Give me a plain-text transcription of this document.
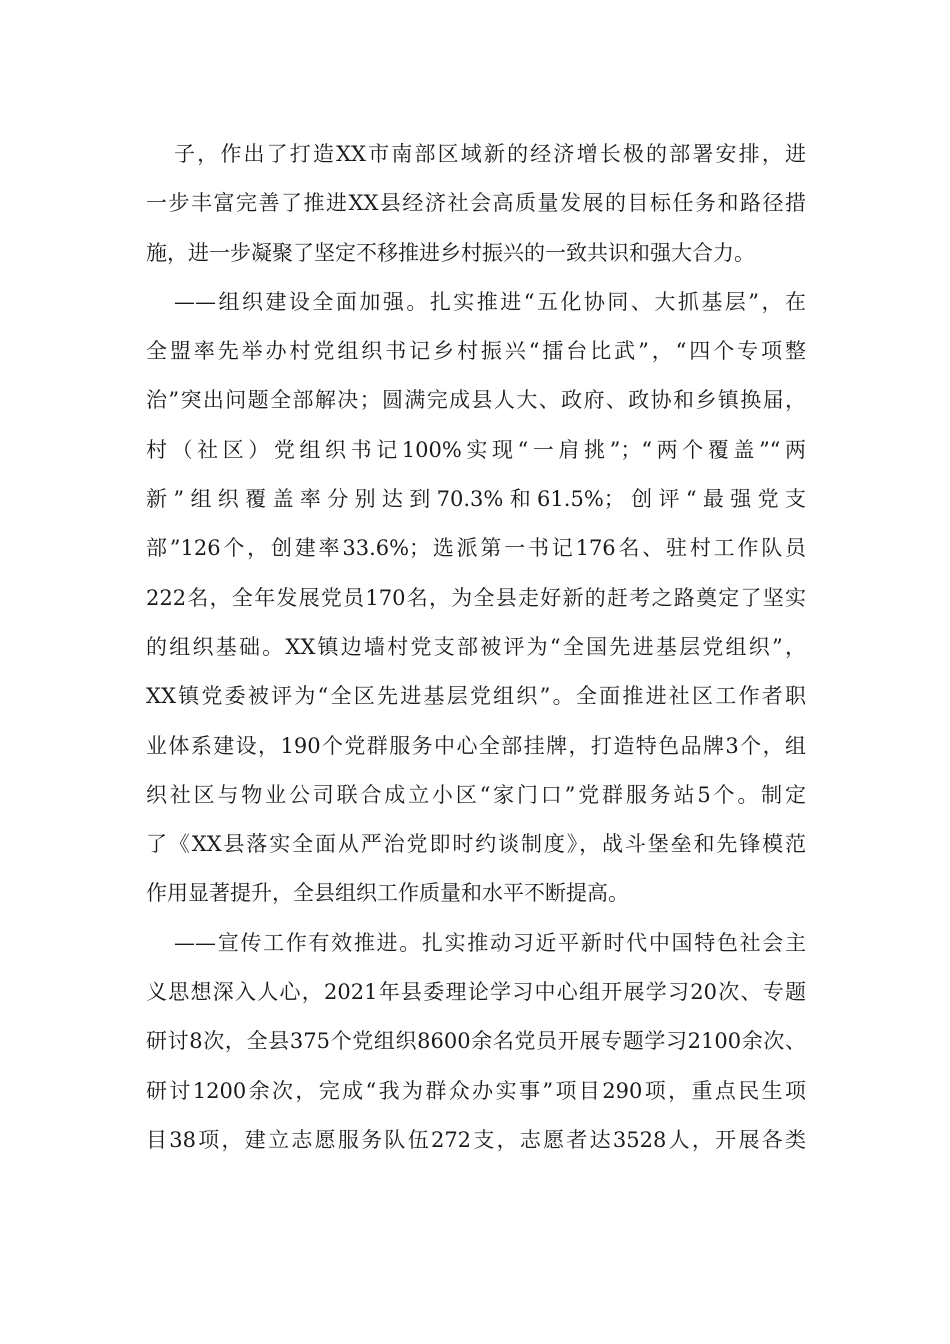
子，作出了打造XX市南部区域新的经济增长极的部署安排，进
一步丰富完善了推进XX县经济社会高质量发展的目标任务和路径措
施，进一步凝聚了坚定不移推进乡村振兴的一致共识和强大合力。
——组织建设全面加强。扎实推进“五化协同、大抓基层”，在
全盟率先举办村党组织书记乡村振兴“擂台比武”，“四个专项整
治”突出问题全部解决；圆满完成县人大、政府、政协和乡镇换届，
村（社区）党组织书记100%实现“一肩挑”；“两个覆盖”“两
新”组织覆盖率分别达到70.3%和61.5%；创评“最强党支
部”126个，创建率33.6%；选派第一书记176名、驻村工作队员
222名，全年发展党员170名，为全县走好新的赶考之路奠定了坚实
的组织基础。XX镇边墙村党支部被评为“全国先进基层党组织”，
XX镇党委被评为“全区先进基层党组织”。全面推进社区工作者职
业体系建设，190个党群服务中心全部挂牌，打造特色品牌3个，组
织社区与物业公司联合成立小区“家门口”党群服务站5个。制定
了《XX县落实全面从严治党即时约谈制度》，战斗堡垒和先锋模范
作用显著提升，全县组织工作质量和水平不断提高。
——宣传工作有效推进。扎实推动习近平新时代中国特色社会主
义思想深入人心，2021年县委理论学习中心组开展学习20次、专题
研讨8次，全县375个党组织8600余名党员开展专题学习2100余次、
研讨1200余次，完成“我为群众办实事”项目290项，重点民生项
目38项，建立志愿服务队伍272支，志愿者达3528人，开展各类
